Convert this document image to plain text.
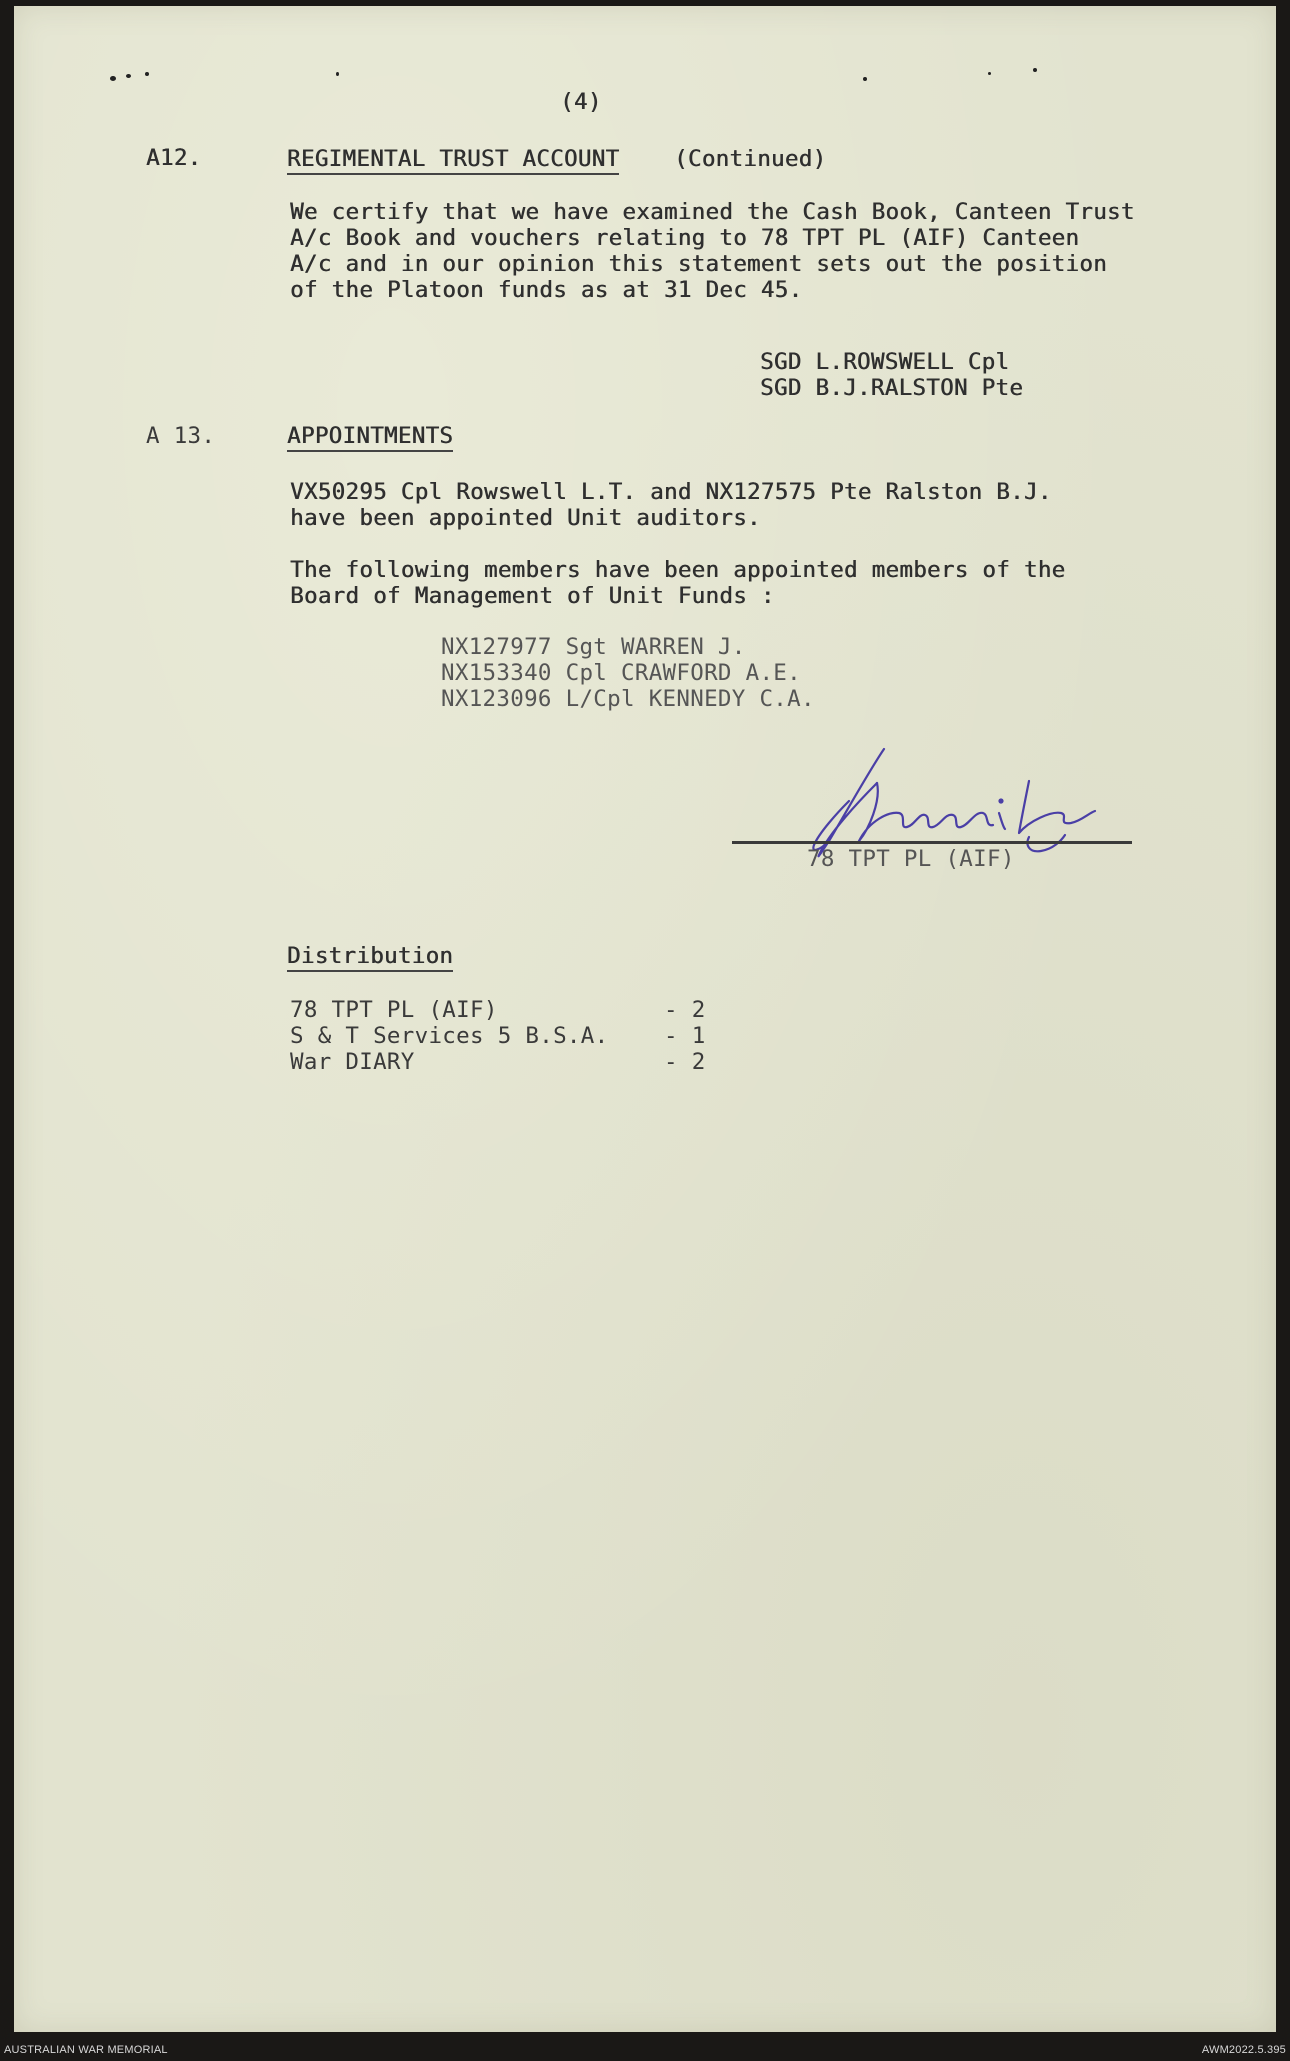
(4)
A12.	REGIMENTAL TRUST ACCOUNT (Continued)
We certify that we have examined the Cash Book, Canteen Trust
A/c Book and vouchers relating to 78 TPT PL (AIF) Canteen
A/c and in our opinion this statement sets out the position
of the Platoon funds as at 31 Dec 45.
SGD L.ROWSWELL Cpl
SGD B.J.RALSTON Pte
A 13.	APPOINTMENTS
VX50295 Cpl Rowswell L.T. and NX127575 Pte Ralston B.J.
have been appointed Unit auditors.
The following members have been appointed members of the
Board of Management of Unit Funds :
NX127977 Sgt WARREN J.
NX153340 Cpl CRAWFORD A.E.
NX123096 L/Cpl KENNEDY C.A.
78 TPT PL (AIF)
Distribution
78 TPT PL (AIF)	- 2
S & T Services 5 B.S.A. - 1
War DIARY	- 2
AUSTRALIAN WAR MEMORIAL	AWM2022.5.395
